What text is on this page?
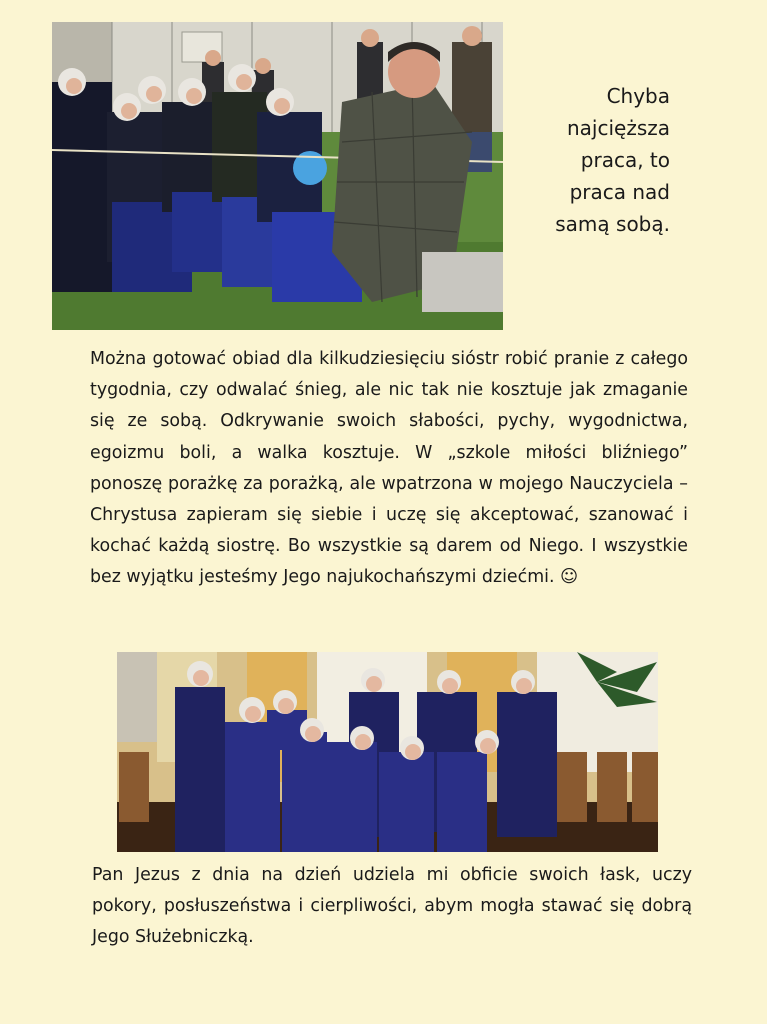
Chyba najcięższa praca, to praca nad samą sobą.
Można gotować obiad dla kilkudziesięciu sióstr robić pranie z całego tygodnia, czy odwalać śnieg, ale nic tak nie kosztuje jak zmaganie się ze sobą. Odkrywanie swoich słabości, pychy, wygodnictwa, egoizmu boli, a walka kosztuje. W „szkole miłości bliźniego” ponoszę porażkę za porażką, ale wpatrzona w mojego Nauczyciela – Chrystusa zapieram się siebie i uczę się akceptować, szanować i kochać każdą siostrę. Bo wszystkie są darem od Niego. I wszystkie bez wyjątku jesteśmy Jego najukochańszymi dziećmi. ☺
Pan Jezus z dnia na dzień udziela mi obficie swoich łask, uczy pokory, posłuszeństwa i cierpliwości, abym mogła stawać się dobrą Jego Służebniczką.
